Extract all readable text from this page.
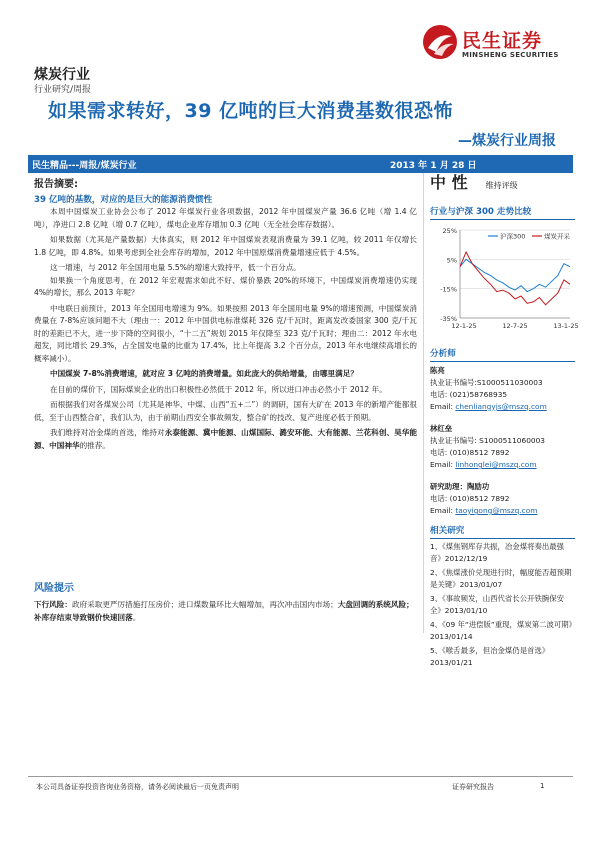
民生证券
MINSHENG SECURITIES
煤炭行业
行业研究/周报
如果需求转好，39 亿吨的巨大消费基数很恐怖
—煤炭行业周报
民生精品---周报/煤炭行业	2013 年 1 月 28 日
报告摘要:
39 亿吨的基数，对应的是巨大的能源消费惯性

本周中国煤炭工业协会公布了 2012 年煤炭行业各项数据，2012 年中国煤炭产量 36.6 亿吨（增 1.4 亿吨），净进口 2.8 亿吨（增 0.7 亿吨），煤电企业库存增加 0.3 亿吨（无全社会库存数据）。

如果数据（尤其是产量数据）大体真实，则 2012 年中国煤炭表观消费量为 39.1 亿吨，较 2011 年仅增长 1.8 亿吨，即 4.8%。如果考虑到全社会库存的增加，2012 年中国原煤消费量增速应低于 4.5%。

这一增速，与 2012 年全国用电量 5.5%的增速大致持平，低一个百分点。

如果换一个角度思考，在 2012 年宏观需求如此不好、煤价暴跌 20%的环境下，中国煤炭消费增速仍实现 4%的增长，那么 2013 年呢？

中电联日前预计，2013 年全国用电增速为 9%。如果按照 2013 年全国用电量 9%的增速预测，中国煤炭消费量在 7-8%应该问题不大（理由一：2012 年中国供电标准煤耗 326 克/千瓦时，距离发改委国家 300 克/千瓦时的差距已不大，进一步下降的空间很小，“十二五”规划 2015 年仅降至 323 克/千瓦时；理由二：2012 年水电超发，同比增长 29.3%，占全国发电量的比重为 17.4%，比上年提高 3.2 个百分点，2013 年水电继续高增长的概率减小）。

中国煤炭 7-8%消费增速，就对应 3 亿吨的消费增量。如此庞大的供给增量，由哪里满足？

在目前的煤价下，国际煤炭企业的出口积极性必然低于 2012 年，所以进口冲击必然小于 2012 年。

而根据我们对各煤炭公司（尤其是神华、中煤、山西“五+二”）的调研，国有大矿在 2013 年的新增产能都很低，至于山西整合矿，我们认为，由于前期山西安全事故频发，整合矿的技改、复产进度必低于预期。

我们维持对冶金煤的首选，维持对永泰能源、冀中能源、山煤国际、潞安环能、大有能源、兰花科创、昊华能源、中国神华的推荐。

风险提示

下行风险：政府采取更严厉措施打压房价；进口煤数量环比大幅增加，再次冲击国内市场；大盘回调的系统风险；补库存结束导致钢价快速回落。

中 性 维持评级
行业与沪深 300 走势比较
25%
5%
-15%
-35%
12-1-25	12-7-25	13-1-25
沪深300	煤炭开采
分析师
陈亮
执业证书编号:S1000511030003
电话: (021)58768935
Email: chenliangyjs@mszq.com
林红垒
执业证书编号: S1000511060003
电话: (010)8512 7892
Email: linhonglei@mszq.com
研究助理：陶励功
电话: (010)8512 7892
Email: taoyigong@mszq.com
相关研究
1、《煤焦钢库存共振，冶金煤将奏出最强音》2012/12/19
2、《焦煤涨价兑现进行时，幅度能否超预期是关键》2013/01/07
3、《事故频发，山西代省长公开铁腕保安全》2013/01/10
4、《09 年“进偿版”重现，煤炭第二波可期》2013/01/14
5、《喉舌最多，但冶金煤仍是首选》2013/01/21
本公司具备证券投资咨询业务资格，请务必阅读最后一页免责声明	证券研究报告	1
